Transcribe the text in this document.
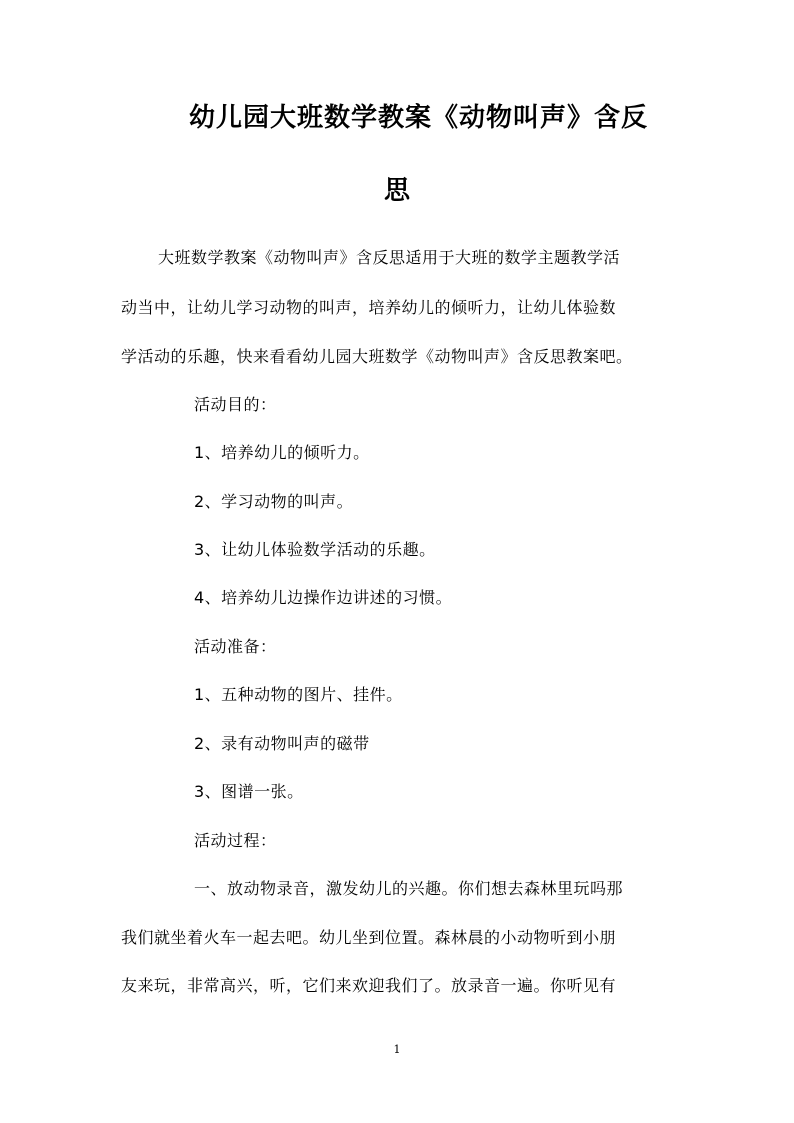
幼儿园大班数学教案《动物叫声》含反
思
大班数学教案《动物叫声》含反思适用于大班的数学主题教学活
动当中，让幼儿学习动物的叫声，培养幼儿的倾听力，让幼儿体验数
学活动的乐趣，快来看看幼儿园大班数学《动物叫声》含反思教案吧。
活动目的：
1、培养幼儿的倾听力。
2、学习动物的叫声。
3、让幼儿体验数学活动的乐趣。
4、培养幼儿边操作边讲述的习惯。
活动准备：
1、五种动物的图片、挂件。
2、录有动物叫声的磁带
3、图谱一张。
活动过程：
一、放动物录音，激发幼儿的兴趣。你们想去森林里玩吗那
我们就坐着火车一起去吧。幼儿坐到位置。森林晨的小动物听到小朋
友来玩，非常高兴，听，它们来欢迎我们了。放录音一遍。你听见有
1
